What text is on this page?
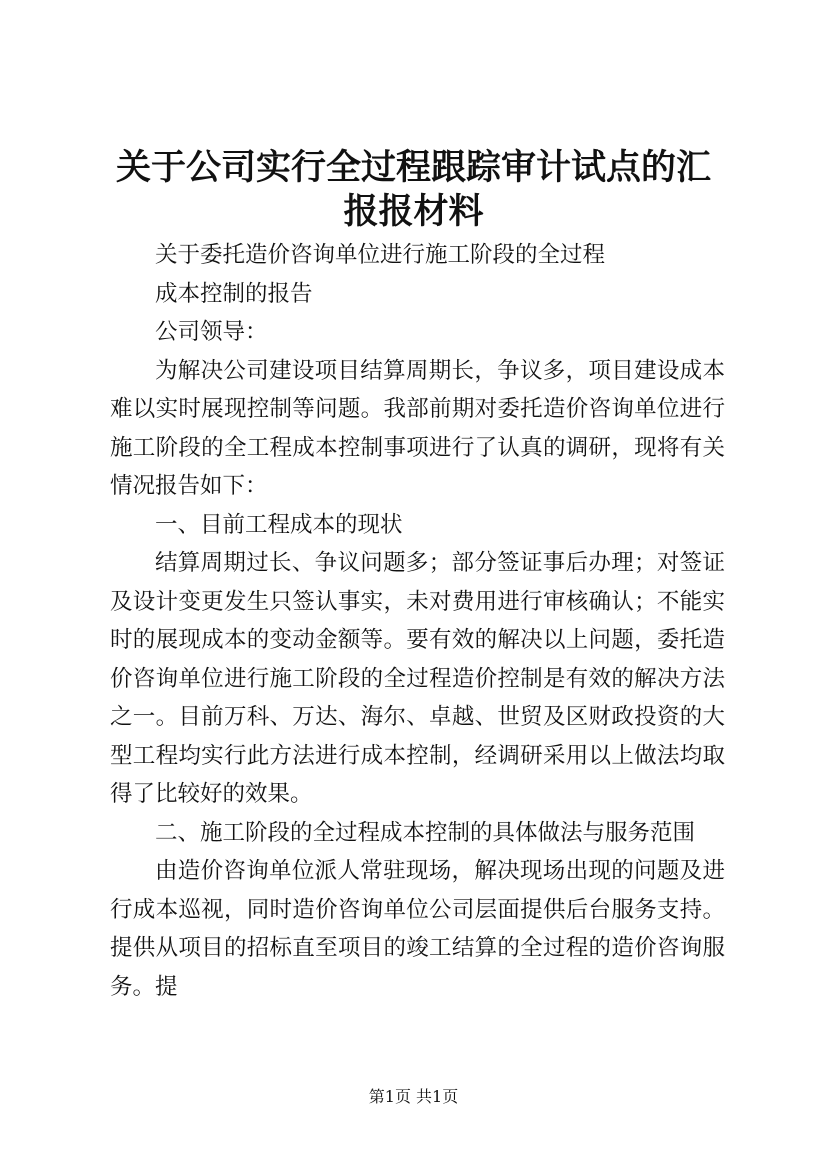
关于公司实行全过程跟踪审计试点的汇报报材料

关于委托造价咨询单位进行施工阶段的全过程

成本控制的报告

公司领导：

为解决公司建设项目结算周期长，争议多，项目建设成本难以实时展现控制等问题。我部前期对委托造价咨询单位进行施工阶段的全工程成本控制事项进行了认真的调研，现将有关情况报告如下：

一、目前工程成本的现状

结算周期过长、争议问题多；部分签证事后办理；对签证及设计变更发生只签认事实，未对费用进行审核确认；不能实时的展现成本的变动金额等。要有效的解决以上问题，委托造价咨询单位进行施工阶段的全过程造价控制是有效的解决方法之一。目前万科、万达、海尔、卓越、世贸及区财政投资的大型工程均实行此方法进行成本控制，经调研采用以上做法均取得了比较好的效果。

二、施工阶段的全过程成本控制的具体做法与服务范围

由造价咨询单位派人常驻现场，解决现场出现的问题及进行成本巡视，同时造价咨询单位公司层面提供后台服务支持。提供从项目的招标直至项目的竣工结算的全过程的造价咨询服务。提

第1页 共1页
